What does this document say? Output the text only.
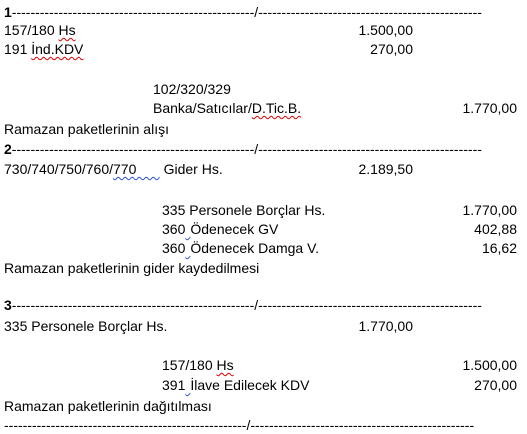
1----------------------------------------------------/------------------------------------------------
157/180 Hs	1.500,00
191 İnd.KDV	270,00
102/320/329
Banka/Satıcılar/D.Tic.B.	1.770,00
Ramazan paketlerinin alışı
2----------------------------------------------------/------------------------------------------------
730/740/750/760/770       Gider Hs.	2.189,50
335 Personele Borçlar Hs.	1.770,00
360 Ödenecek GV	402,88
360 Ödenecek Damga V.	16,62
Ramazan paketlerinin gider kaydedilmesi
3----------------------------------------------------/------------------------------------------------
335 Personele Borçlar Hs.	1.770,00
157/180 Hs	1.500,00
391 İlave Edilecek KDV	270,00
Ramazan paketlerinin dağıtılması
----------------------------------------------------/------------------------------------------------
